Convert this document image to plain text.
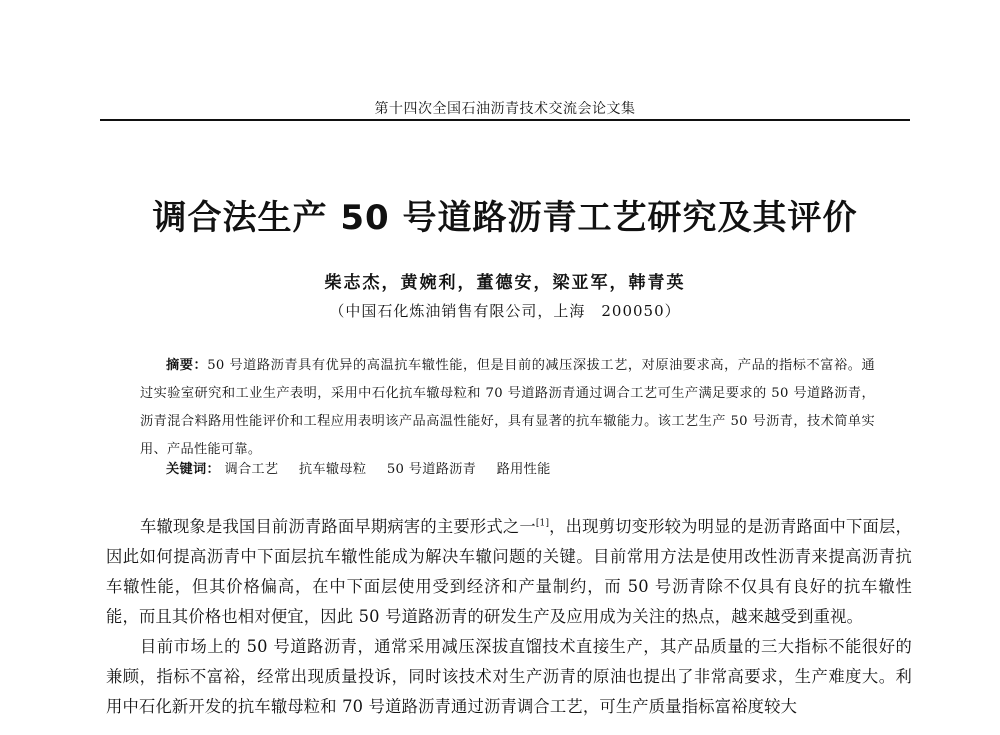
第十四次全国石油沥青技术交流会论文集
调合法生产 50 号道路沥青工艺研究及其评价
柴志杰，黄婉利，董德安，梁亚军，韩青英
（中国石化炼油销售有限公司，上海　200050）
摘要：50 号道路沥青具有优异的高温抗车辙性能，但是目前的减压深拔工艺，对原油要求高，产品的指标不富裕。通过实验室研究和工业生产表明，采用中石化抗车辙母粒和 70 号道路沥青通过调合工艺可生产满足要求的 50 号道路沥青，沥青混合料路用性能评价和工程应用表明该产品高温性能好，具有显著的抗车辙能力。该工艺生产 50 号沥青，技术简单实用、产品性能可靠。
关键词： 调合工艺 抗车辙母粒 50 号道路沥青 路用性能

车辙现象是我国目前沥青路面早期病害的主要形式之一[1]，出现剪切变形较为明显的是沥青路面中下面层，因此如何提高沥青中下面层抗车辙性能成为解决车辙问题的关键。目前常用方法是使用改性沥青来提高沥青抗车辙性能，但其价格偏高，在中下面层使用受到经济和产量制约，而 50 号沥青除不仅具有良好的抗车辙性能，而且其价格也相对便宜，因此 50 号道路沥青的研发生产及应用成为关注的热点，越来越受到重视。

目前市场上的 50 号道路沥青，通常采用减压深拔直馏技术直接生产，其产品质量的三大指标不能很好的兼顾，指标不富裕，经常出现质量投诉，同时该技术对生产沥青的原油也提出了非常高要求，生产难度大。利用中石化新开发的抗车辙母粒和 70 号道路沥青通过沥青调合工艺，可生产质量指标富裕度较大
